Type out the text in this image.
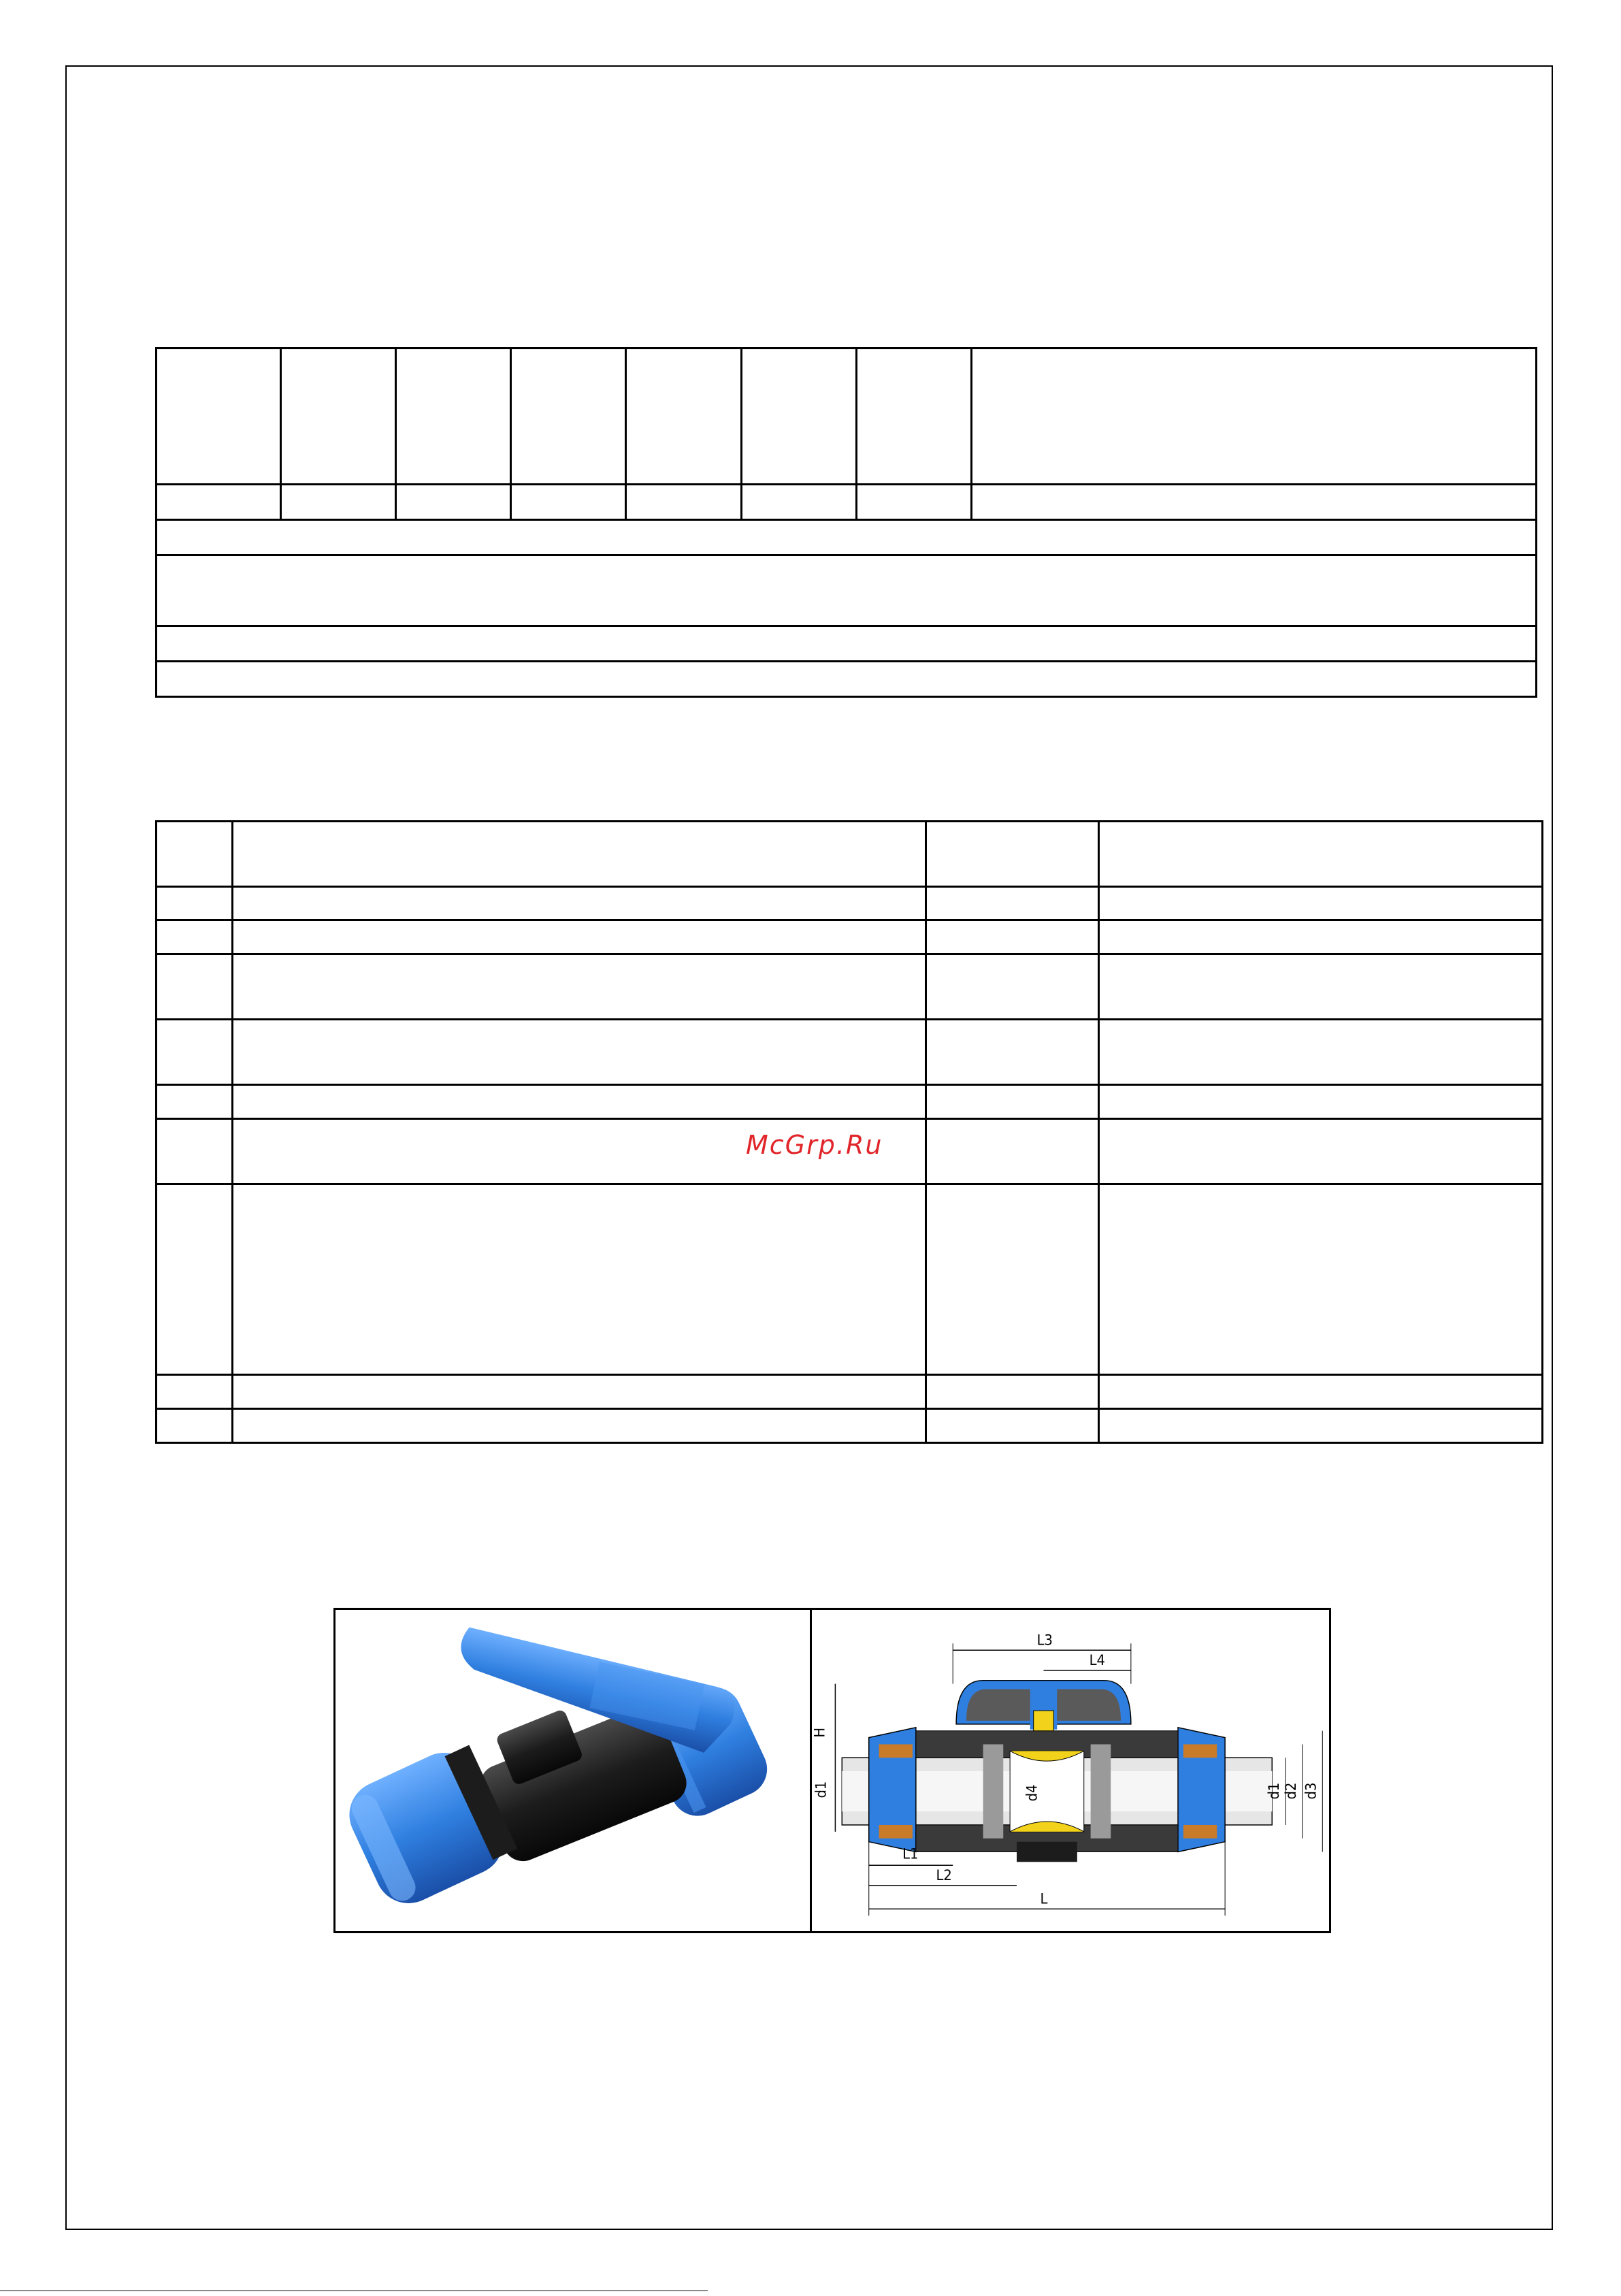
McGrp.Ru
L3
L4
H
d1	d4	d1 d2 d3
L1
L2
L
